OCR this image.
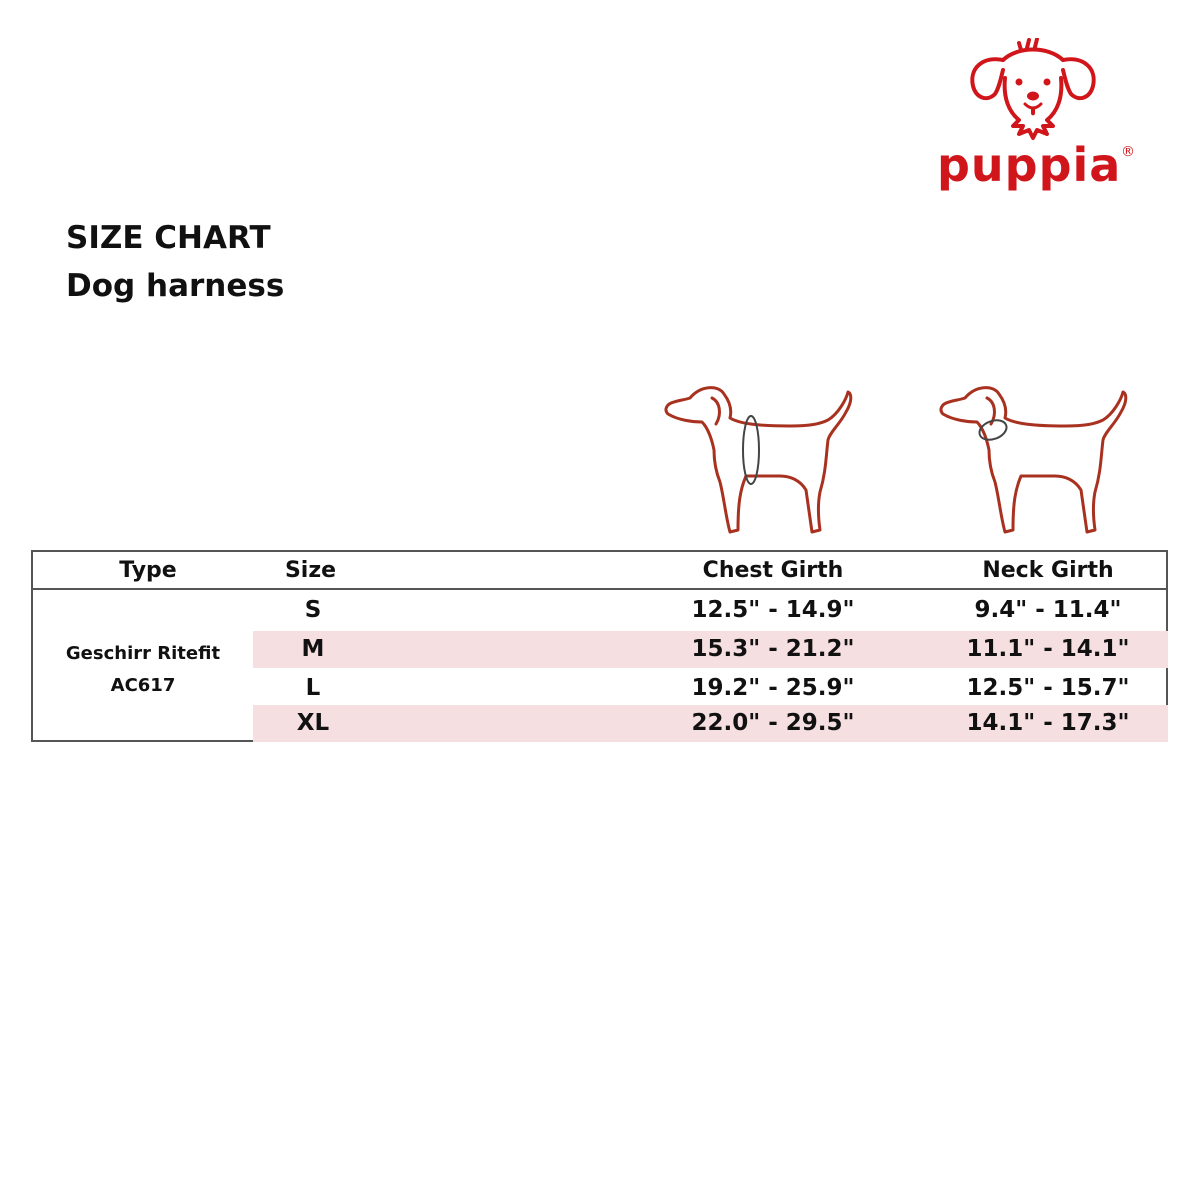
puppia ®
SIZE CHART
Dog harness
Type	Size	Chest Girth	Neck Girth
Geschirr Ritefit
AC617
S	12.5" - 14.9"	9.4" - 11.4"
M	15.3" - 21.2"	11.1" - 14.1"
L	19.2" - 25.9"	12.5" - 15.7"
XL	22.0" - 29.5"	14.1" - 17.3"
